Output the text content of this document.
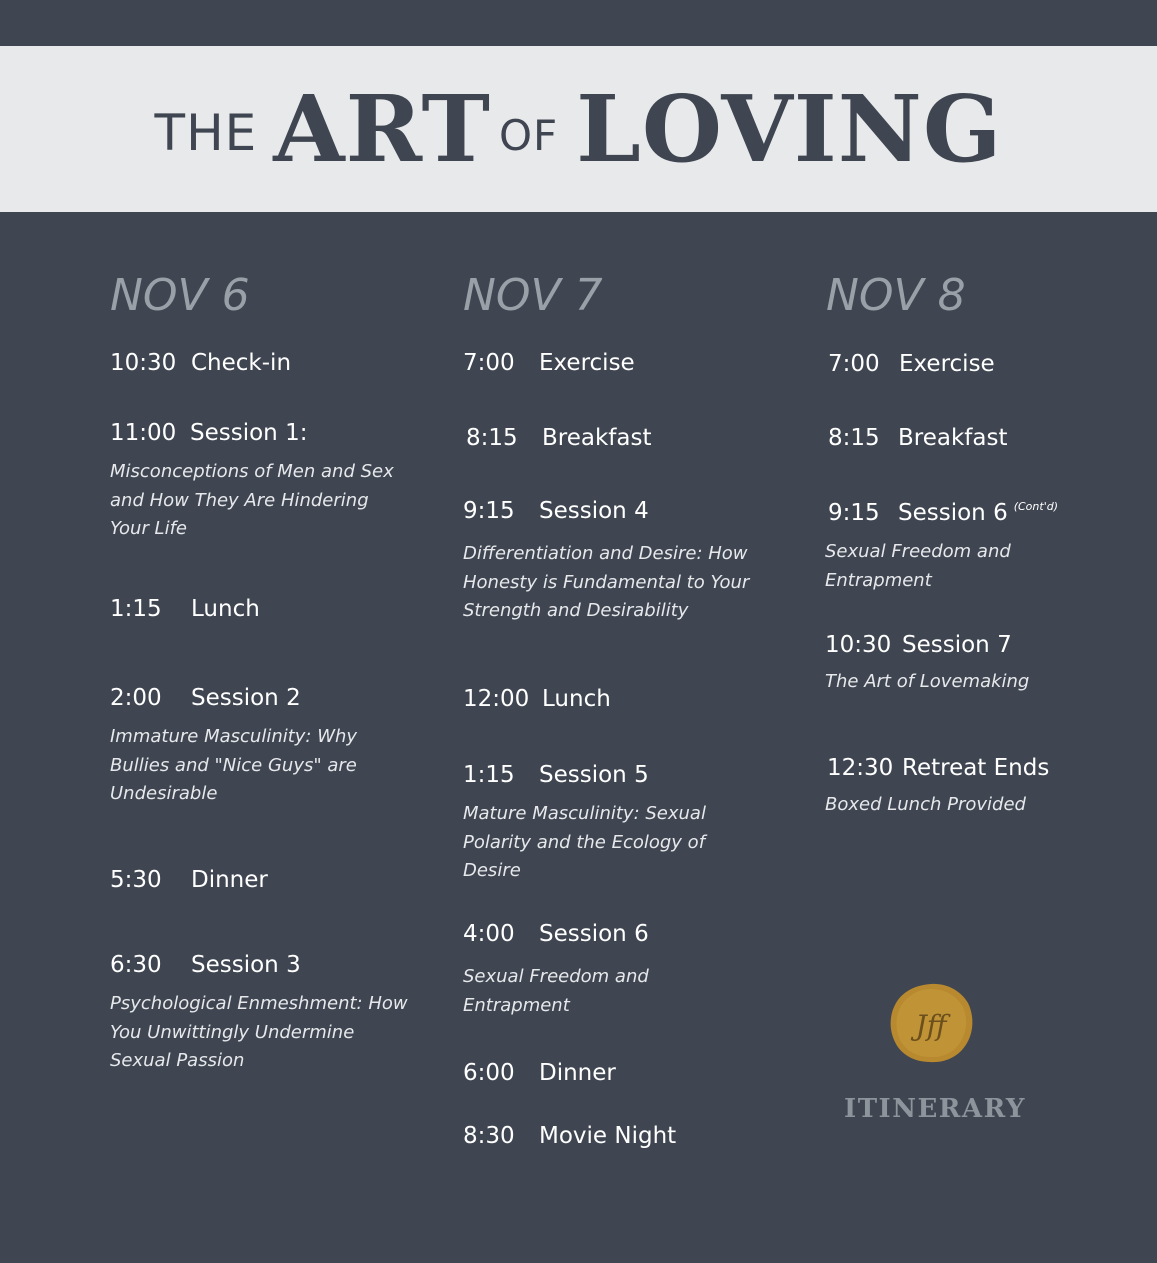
THE ART OF LOVING
NOV 6
10:30 Check-in
11:00 Session 1:
Misconceptions of Men and Sex and How They Are Hindering Your Life
1:15 Lunch
2:00 Session 2
Immature Masculinity: Why Bullies and "Nice Guys" are Undesirable
5:30 Dinner
6:30 Session 3
Psychological Enmeshment: How You Unwittingly Undermine Sexual Passion
NOV 7
7:00 Exercise
8:15 Breakfast
9:15 Session 4
Differentiation and Desire: How Honesty is Fundamental to Your Strength and Desirability
12:00 Lunch
1:15 Session 5
Mature Masculinity: Sexual Polarity and the Ecology of Desire
4:00 Session 6
Sexual Freedom and Entrapment
6:00 Dinner
8:30 Movie Night
NOV 8
7:00 Exercise
8:15 Breakfast
9:15 Session 6 $^{(Cont'd)}$
Sexual Freedom and Entrapment
10:30 Session 7
The Art of Lovemaking
12:30 Retreat Ends
Boxed Lunch Provided
Jff
ITINERARY
